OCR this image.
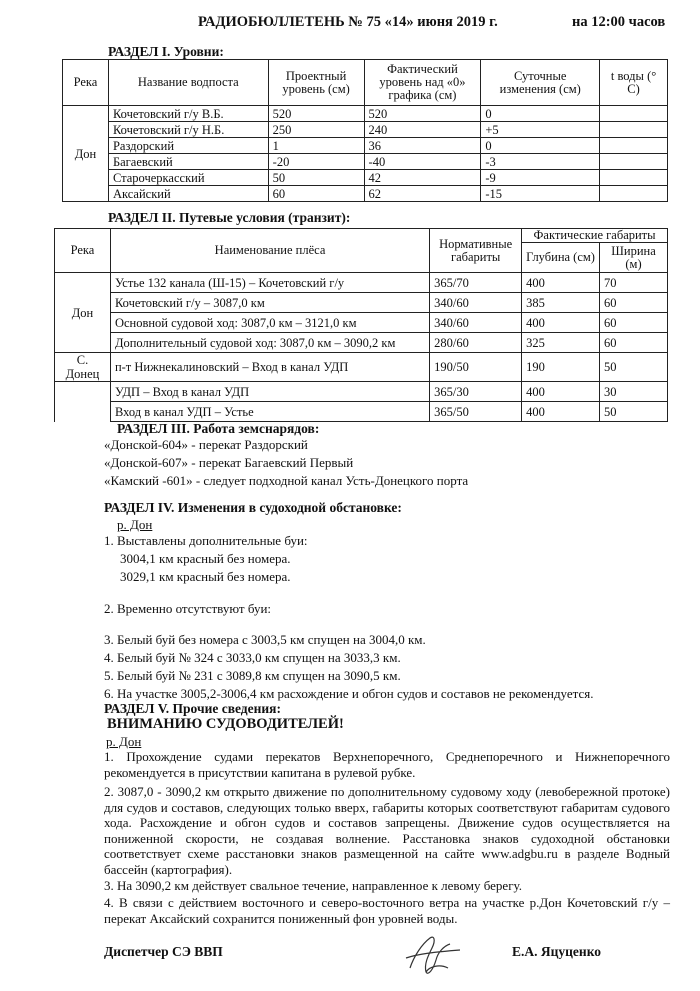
РАДИОБЮЛЛЕТЕНЬ № 75 «14» июня 2019 г.	на 12:00 часов
РАЗДЕЛ I. Уровни:
Река	Название водпоста	Проектный уровень (см)	Фактический уровень над «0» графика (см)	Суточные изменения (см)	t воды (° C)
Дон	Кочетовский г/у В.Б.	520	520	0	
	Кочетовский г/у Н.Б.	250	240	+5	
	Раздорский	1	36	0	
	Багаевский	-20	-40	-3	
	Старочеркасский	50	42	-9	
	Аксайский	60	62	-15	
РАЗДЕЛ II. Путевые условия (транзит):
Река	Наименование плёса	Нормативные габариты	Фактические габариты	
			Глубина (см)	Ширина (м)
Дон	Устье 132 канала (Ш-15) – Кочетовский г/у	365/70	400	70
	Кочетовский г/у – 3087,0 км	340/60	385	60
	Основной судовой ход: 3087,0 км – 3121,0 км	340/60	400	60
	Дополнительный судовой ход: 3087,0 км – 3090,2 км	280/60	325	60
С. Донец	п-т Нижнекалиновский – Вход в канал УДП	190/50	190	50
	УДП – Вход в канал УДП	365/30	400	30
	Вход в канал УДП – Устье	365/50	400	50
РАЗДЕЛ III. Работа земснарядов:
«Донской-604» - перекат Раздорский
«Донской-607» - перекат Багаевский Первый
«Камский -601» - следует подходной канал Усть-Донецкого порта
РАЗДЕЛ IV. Изменения в судоходной обстановке:
р. Дон
1. Выставлены дополнительные буи:
3004,1 км красный без номера.
3029,1 км красный без номера.
2. Временно отсутствуют буи:
3. Белый буй без номера с 3003,5 км спущен на 3004,0 км.
4. Белый буй № 324 с 3033,0 км спущен на 3033,3 км.
5. Белый буй № 231 с 3089,8 км спущен на 3090,5 км.
6. На участке 3005,2-3006,4 км расхождение и обгон судов и составов не рекомендуется.
РАЗДЕЛ V. Прочие сведения:
ВНИМАНИЮ СУДОВОДИТЕЛЕЙ!
р. Дон
1. Прохождение судами перекатов Верхнепоречного, Среднепоречного и Нижнепоречного рекомендуется в присутствии капитана в рулевой рубке.
2. 3087,0 - 3090,2 км открыто движение по дополнительному судовому ходу (левобережной протоке) для судов и составов, следующих только вверх, габариты которых соответствуют габаритам судового хода. Расхождение и обгон судов и составов запрещены. Движение судов осуществляется на пониженной скорости, не создавая волнение. Расстановка знаков судоходной обстановки соответствует схеме расстановки знаков размещенной на сайте www.adgbu.ru в разделе Водный бассейн (картография).
3. На 3090,2 км действует свальное течение, направленное к левому берегу.
4. В связи с действием восточного и северо-восточного ветра на участке р.Дон Кочетовский г/у – перекат Аксайский сохранится пониженный фон уровней воды.
Диспетчер СЭ ВВП	Е.А. Яцуценко
